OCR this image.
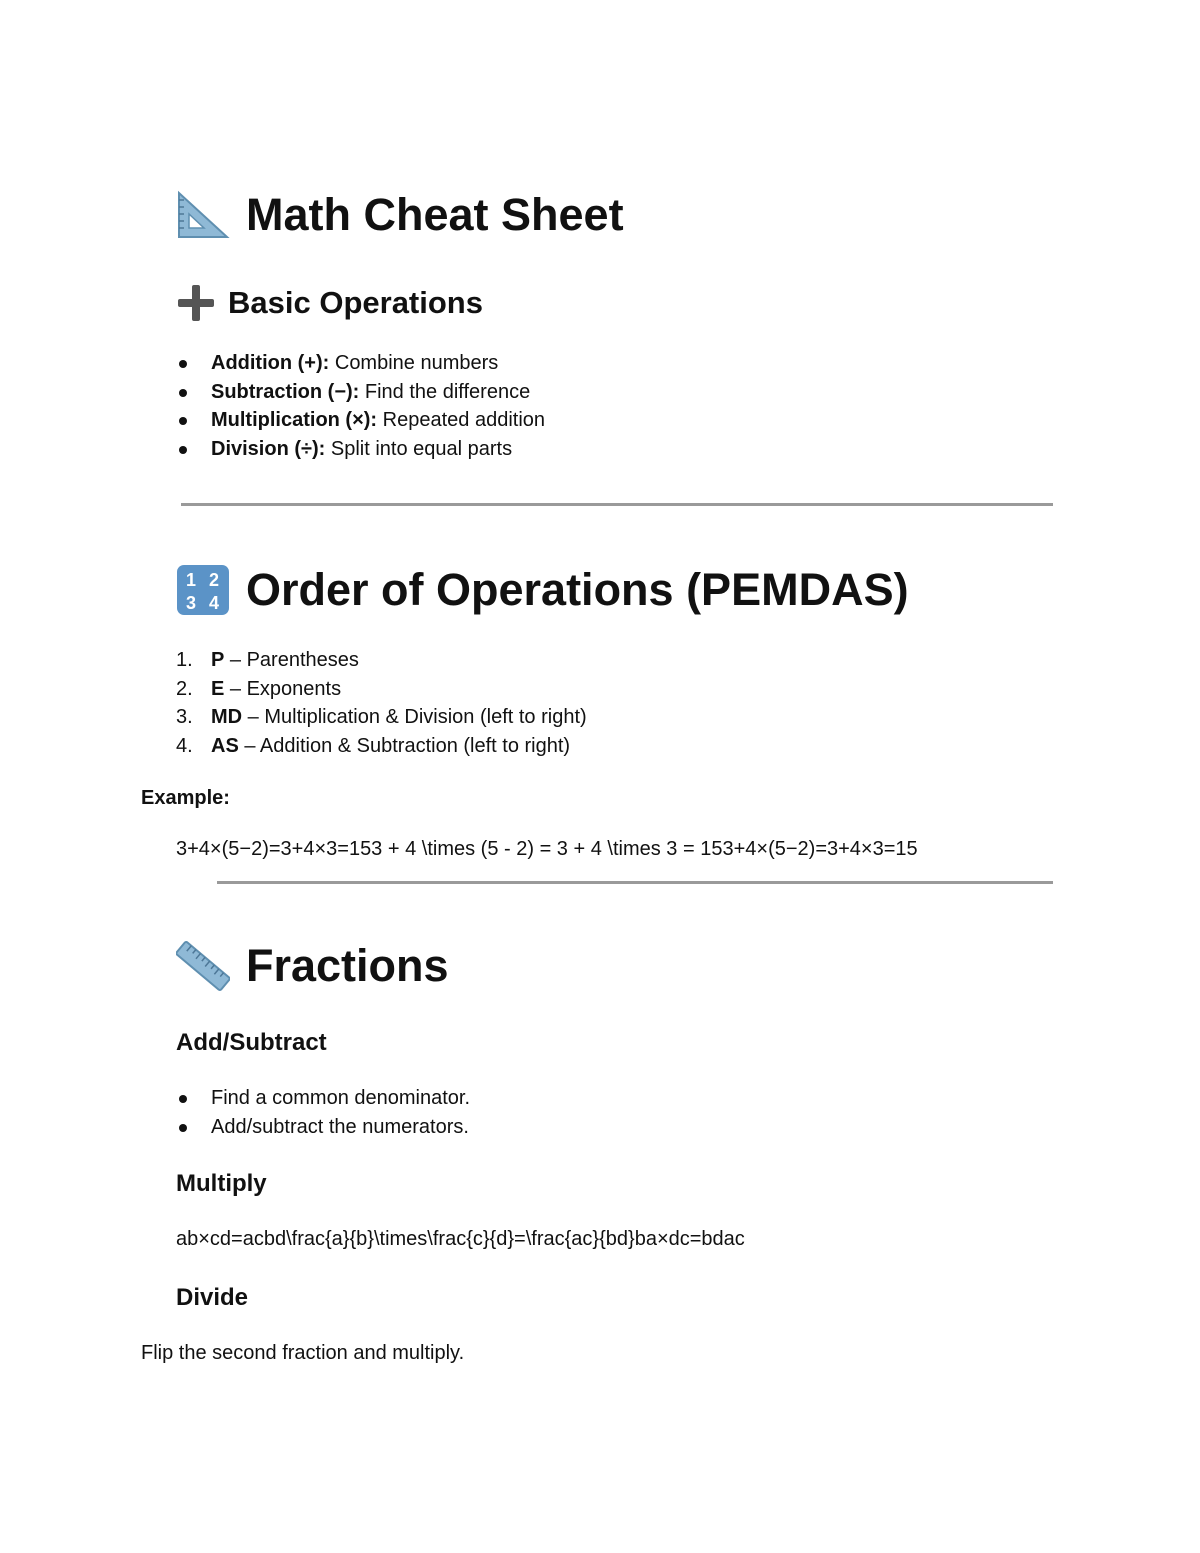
Math Cheat Sheet
Basic Operations
Addition (+): Combine numbers
Subtraction (−): Find the difference
Multiplication (×): Repeated addition
Division (÷): Split into equal parts
1 2
3 4 Order of Operations (PEMDAS)
1. P – Parentheses
2. E – Exponents
3. MD – Multiplication & Division (left to right)
4. AS – Addition & Subtraction (left to right)
Example:
3+4×(5−2)=3+4×3=153 + 4 \times (5 - 2) = 3 + 4 \times 3 = 153+4×(5−2)=3+4×3=15
Fractions
Add/Subtract
Find a common denominator.
Add/subtract the numerators.
Multiply
ab×cd=acbd\frac{a}{b}\times\frac{c}{d}=\frac{ac}{bd}ba×dc=bdac
Divide
Flip the second fraction and multiply.
